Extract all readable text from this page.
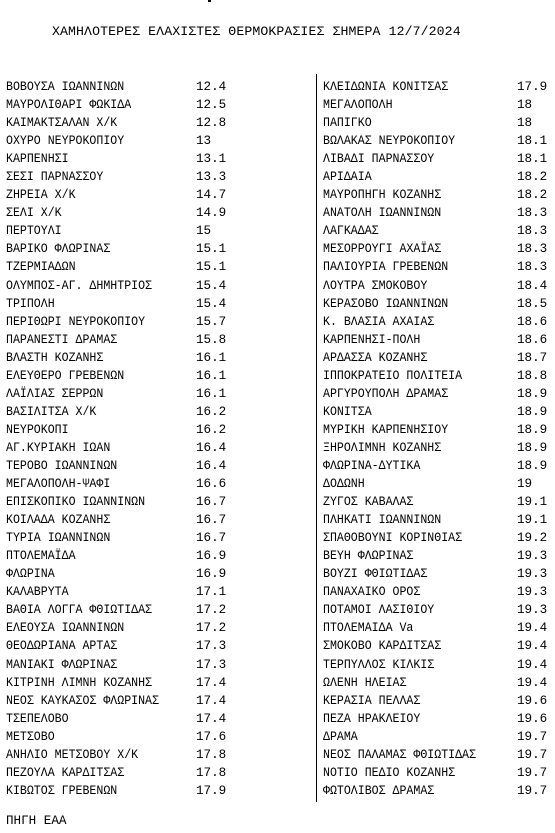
ΧΑΜΗΛΟΤΕΡΕΣ ΕΛΑΧΙΣΤΕΣ ΘΕΡΜΟΚΡΑΣΙΕΣ ΣΗΜΕΡΑ 12/7/2024
ΒΟΒΟΥΣΑ ΙΩΑΝΝΙΝΩΝ	12.4
ΜΑΥΡΟΛΙΘΑΡΙ ΦΩΚΙΔΑ	12.5
ΚΑΙΜΑΚΤΣΑΛΑΝ Χ/Κ	12.8
ΟΧΥΡΟ ΝΕΥΡΟΚΟΠΙΟΥ	13
ΚΑΡΠΕΝΗΣΙ	13.1
ΣΕΣΙ ΠΑΡΝΑΣΣΟΥ	13.3
ΖΗΡΕΙΑ Χ/Κ	14.7
ΣΕΛΙ Χ/Κ	14.9
ΠΕΡΤΟΥΛΙ	15
ΒΑΡΙΚΟ ΦΛΩΡΙΝΑΣ	15.1
ΤΖΕΡΜΙΑΔΩΝ	15.1
ΟΛΥΜΠΟΣ-ΑΓ. ΔΗΜΗΤΡΙΟΣ	15.4
ΤΡΙΠΟΛΗ	15.4
ΠΕΡΙΘΩΡΙ ΝΕΥΡΟΚΟΠΙΟΥ	15.7
ΠΑΡΑΝΕΣΤΙ ΔΡΑΜΑΣ	15.8
ΒΛΑΣΤΗ ΚΟΖΑΝΗΣ	16.1
ΕΛΕΥΘΕΡΟ ΓΡΕΒΕΝΩΝ	16.1
ΛΑΪΛΙΑΣ ΣΕΡΡΩΝ	16.1
ΒΑΣΙΛΙΤΣΑ Χ/Κ	16.2
ΝΕΥΡΟΚΟΠΙ	16.2
ΑΓ.ΚΥΡΙΑΚΗ ΙΩΑΝ	16.4
ΤΕΡΟΒΟ ΙΩΑΝΝΙΝΩΝ	16.4
ΜΕΓΑΛΟΠΟΛΗ-ΨΑΦΙ	16.6
ΕΠΙΣΚΟΠΙΚΟ ΙΩΑΝΝΙΝΩΝ	16.7
ΚΟΙΛΑΔΑ ΚΟΖΑΝΗΣ	16.7
ΤΥΡΙΑ ΙΩΑΝΝΙΝΩΝ	16.7
ΠΤΟΛΕΜΑΪΔΑ	16.9
ΦΛΩΡΙΝΑ	16.9
ΚΑΛΑΒΡΥΤΑ	17.1
ΒΑΘΙΑ ΛΟΓΓΑ ΦΘΙΩΤΙΔΑΣ	17.2
ΕΛΕΟΥΣΑ ΙΩΑΝΝΙΝΩΝ	17.2
ΘΕΟΔΩΡΙΑΝΑ ΑΡΤΑΣ	17.3
ΜΑΝΙΑΚΙ ΦΛΩΡΙΝΑΣ	17.3
ΚΙΤΡΙΝΗ ΛΙΜΝΗ ΚΟΖΑΝΗΣ	17.4
ΝΕΟΣ ΚΑΥΚΑΣΟΣ ΦΛΩΡΙΝΑΣ	17.4
ΤΣΕΠΕΛΟΒΟ	17.4
ΜΕΤΣΟΒΟ	17.6
ΑΝΗΛΙΟ ΜΕΤΣΟΒΟΥ Χ/Κ	17.8
ΠΕΖΟΥΛΑ ΚΑΡΔΙΤΣΑΣ	17.8
ΚΙΒΩΤΟΣ ΓΡΕΒΕΝΩΝ	17.9
ΚΛΕΙΔΩΝΙΑ ΚΟΝΙΤΣΑΣ	17.9
ΜΕΓΑΛΟΠΟΛΗ	18
ΠΑΠΙΓΚΟ	18
ΒΩΛΑΚΑΣ ΝΕΥΡΟΚΟΠΙΟΥ	18.1
ΛΙΒΑΔΙ ΠΑΡΝΑΣΣΟΥ	18.1
ΑΡΙΔΑΙΑ	18.2
ΜΑΥΡΟΠΗΓΗ ΚΟΖΑΝΗΣ	18.2
ΑΝΑΤΟΛΗ ΙΩΑΝΝΙΝΩΝ	18.3
ΛΑΓΚΑΔΑΣ	18.3
ΜΕΣΟΡΡΟΥΓΙ ΑΧΑΪΑΣ	18.3
ΠΑΛΙΟΥΡΙΑ ΓΡΕΒΕΝΩΝ	18.3
ΛΟΥΤΡΑ ΣΜΟΚΟΒΟΥ	18.4
ΚΕΡΑΣΟΒΟ ΙΩΑΝΝΙΝΩΝ	18.5
Κ. ΒΛΑΣΙΑ ΑΧΑΙΑΣ	18.6
ΚΑΡΠΕΝΗΣΙ-ΠΟΛΗ	18.6
ΑΡΔΑΣΣΑ ΚΟΖΑΝΗΣ	18.7
ΙΠΠΟΚΡΑΤΕΙΟ ΠΟΛΙΤΕΙΑ	18.8
ΑΡΓΥΡΟΥΠΟΛΗ ΔΡΑΜΑΣ	18.9
ΚΟΝΙΤΣΑ	18.9
ΜΥΡΙΚΗ ΚΑΡΠΕΝΗΣΙΟΥ	18.9
ΞΗΡΟΛΙΜΝΗ ΚΟΖΑΝΗΣ	18.9
ΦΛΩΡΙΝΑ-ΔΥΤΙΚΑ	18.9
ΔΟΔΩΝΗ	19
ΖΥΓΟΣ ΚΑΒΑΛΑΣ	19.1
ΠΛΗΚΑΤΙ ΙΩΑΝΝΙΝΩΝ	19.1
ΣΠΑΘΟΒΟΥΝΙ ΚΟΡΙΝΘΙΑΣ	19.2
ΒΕΥΗ ΦΛΩΡΙΝΑΣ	19.3
ΒΟΥΖΙ ΦΘΙΩΤΙΔΑΣ	19.3
ΠΑΝΑΧΑΙΚΟ ΟΡΟΣ	19.3
ΠΟΤΑΜΟΙ ΛΑΣΙΘΙΟΥ	19.3
ΠΤΟΛΕΜΑΙΔΑ Va	19.4
ΣΜΟΚΟΒΟ ΚΑΡΔΙΤΣΑΣ	19.4
ΤΕΡΠΥΛΛΟΣ ΚΙΛΚΙΣ	19.4
ΩΛΕΝΗ ΗΛΕΙΑΣ	19.4
ΚΕΡΑΣΙΑ ΠΕΛΛΑΣ	19.6
ΠΕΖΑ ΗΡΑΚΛΕΙΟΥ	19.6
ΔΡΑΜΑ	19.7
ΝΕΟΣ ΠΑΛΑΜΑΣ ΦΘΙΩΤΙΔΑΣ	19.7
ΝΟΤΙΟ ΠΕΔΙΟ ΚΟΖΑΝΗΣ	19.7
ΦΩΤΟΛΙΒΟΣ ΔΡΑΜΑΣ	19.7
ΠΗΓΗ ΕΑΑ
